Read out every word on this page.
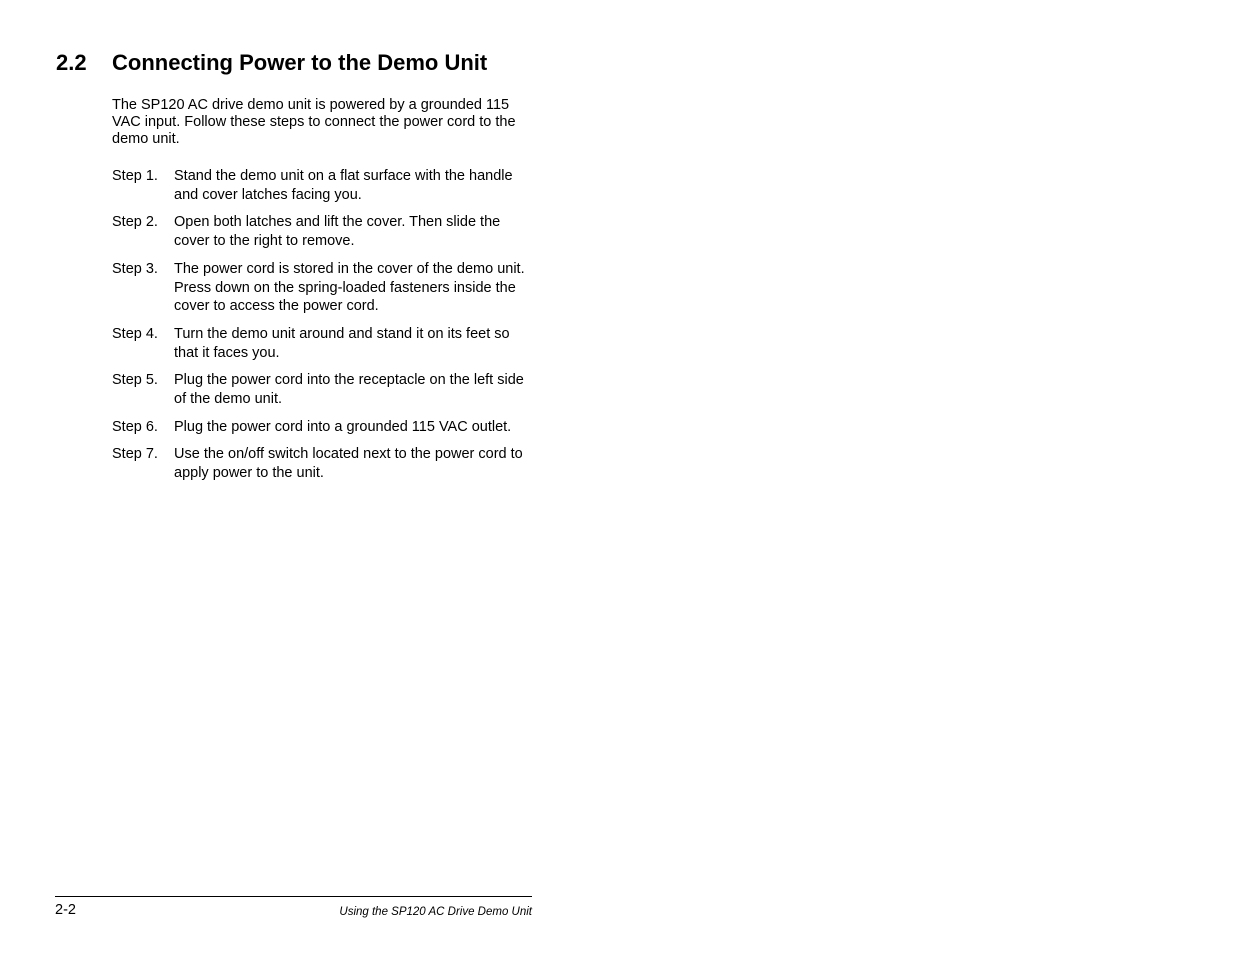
2.2 Connecting Power to the Demo Unit

The SP120 AC drive demo unit is powered by a grounded 115 VAC input. Follow these steps to connect the power cord to the demo unit.

Step 1.	Stand the demo unit on a flat surface with the handle and cover latches facing you.
Step 2.	Open both latches and lift the cover. Then slide the cover to the right to remove.
Step 3.	The power cord is stored in the cover of the demo unit. Press down on the spring-loaded fasteners inside the cover to access the power cord.
Step 4.	Turn the demo unit around and stand it on its feet so that it faces you.
Step 5.	Plug the power cord into the receptacle on the left side of the demo unit.
Step 6.	Plug the power cord into a grounded 115 VAC outlet.
Step 7.	Use the on/off switch located next to the power cord to apply power to the unit.
2-2	Using the SP120 AC Drive Demo Unit
